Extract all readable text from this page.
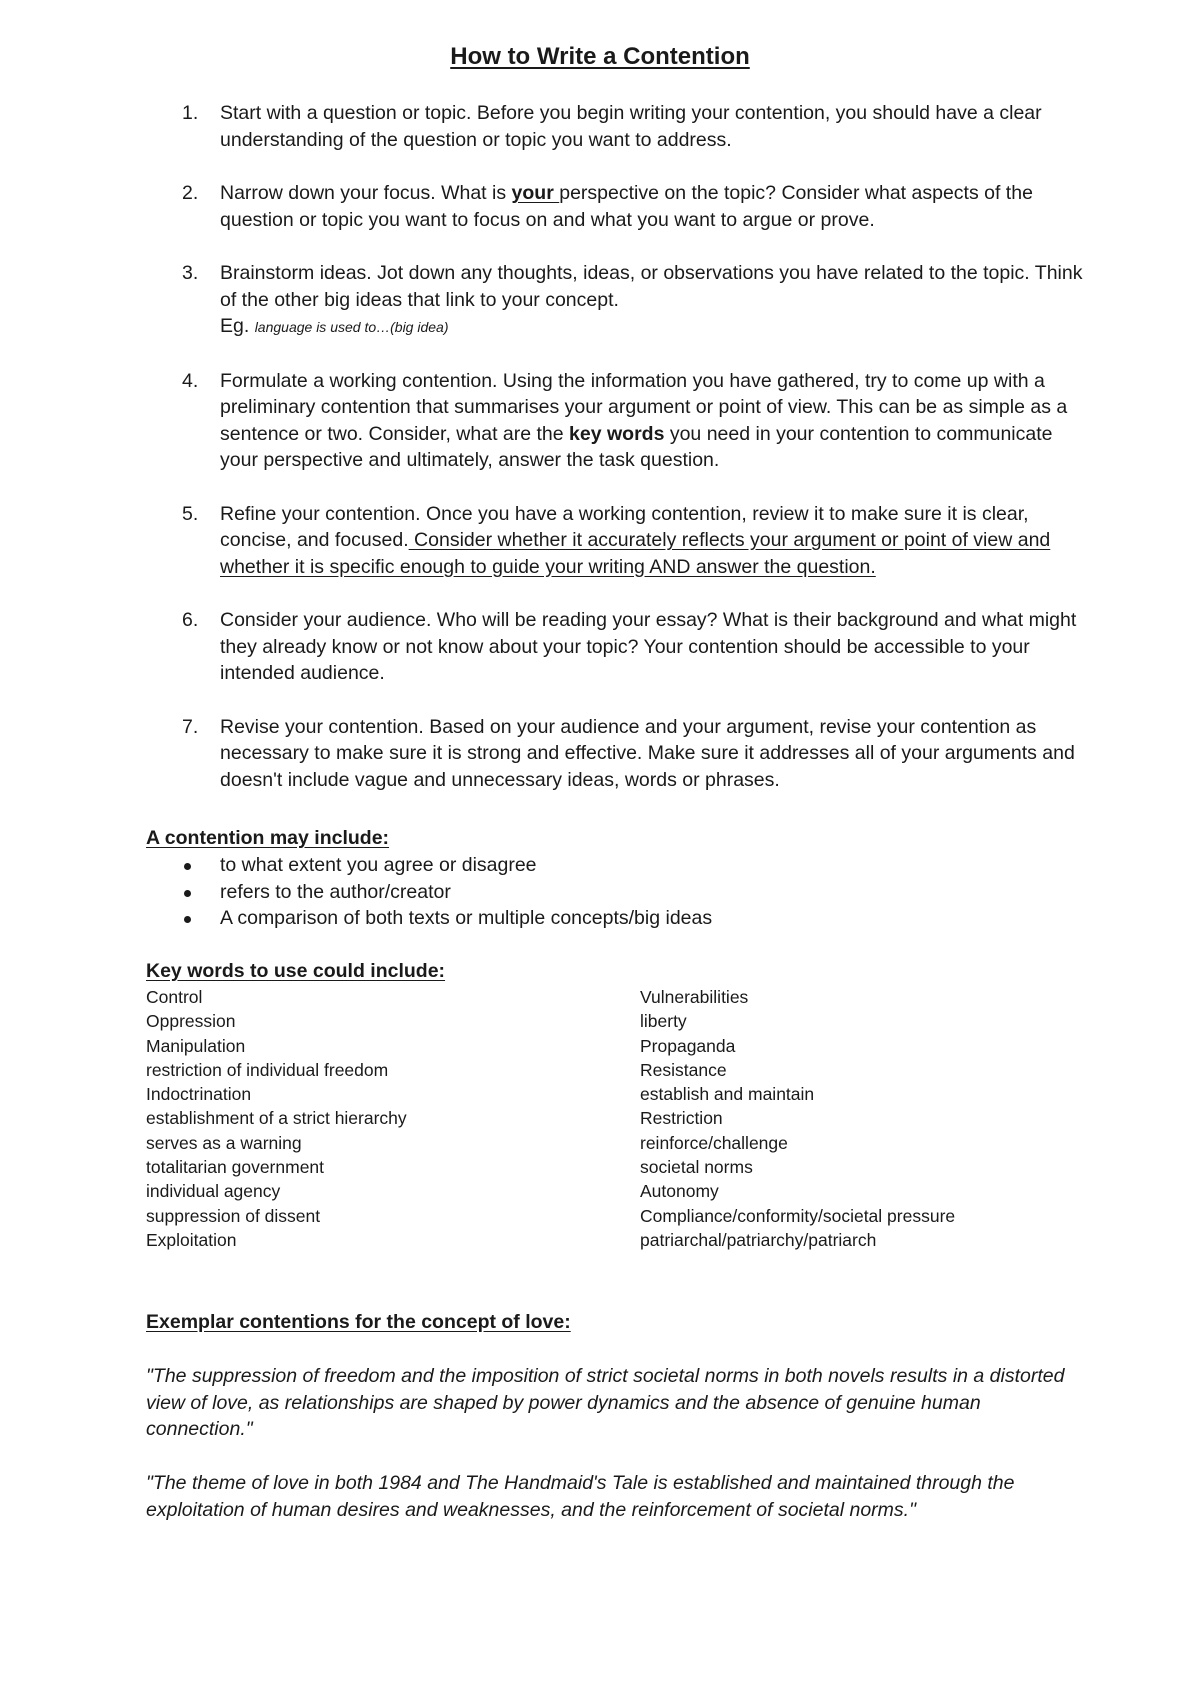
How to Write a Contention
1. Start with a question or topic. Before you begin writing your contention, you should have a clear understanding of the question or topic you want to address.
2. Narrow down your focus. What is your perspective on the topic? Consider what aspects of the question or topic you want to focus on and what you want to argue or prove.
3. Brainstorm ideas. Jot down any thoughts, ideas, or observations you have related to the topic. Think of the other big ideas that link to your concept.
Eg. language is used to…(big idea)
4. Formulate a working contention. Using the information you have gathered, try to come up with a preliminary contention that summarises your argument or point of view. This can be as simple as a sentence or two. Consider, what are the key words you need in your contention to communicate your perspective and ultimately, answer the task question.
5. Refine your contention. Once you have a working contention, review it to make sure it is clear, concise, and focused. Consider whether it accurately reflects your argument or point of view and whether it is specific enough to guide your writing AND answer the question.
6. Consider your audience. Who will be reading your essay? What is their background and what might they already know or not know about your topic? Your contention should be accessible to your intended audience.
7. Revise your contention. Based on your audience and your argument, revise your contention as necessary to make sure it is strong and effective. Make sure it addresses all of your arguments and doesn't include vague and unnecessary ideas, words or phrases.
A contention may include:
to what extent you agree or disagree
refers to the author/creator
A comparison of both texts or multiple concepts/big ideas
Key words to use could include:
Control
Oppression
Manipulation
restriction of individual freedom
Indoctrination
establishment of a strict hierarchy
serves as a warning
totalitarian government
individual agency
suppression of dissent
Exploitation
Vulnerabilities
liberty
Propaganda
Resistance
establish and maintain
Restriction
reinforce/challenge
societal norms
Autonomy
Compliance/conformity/societal pressure
patriarchal/patriarchy/patriarch
Exemplar contentions for the concept of love:
"The suppression of freedom and the imposition of strict societal norms in both novels results in a distorted view of love, as relationships are shaped by power dynamics and the absence of genuine human connection."
"The theme of love in both 1984 and The Handmaid's Tale is established and maintained through the exploitation of human desires and weaknesses, and the reinforcement of societal norms."
